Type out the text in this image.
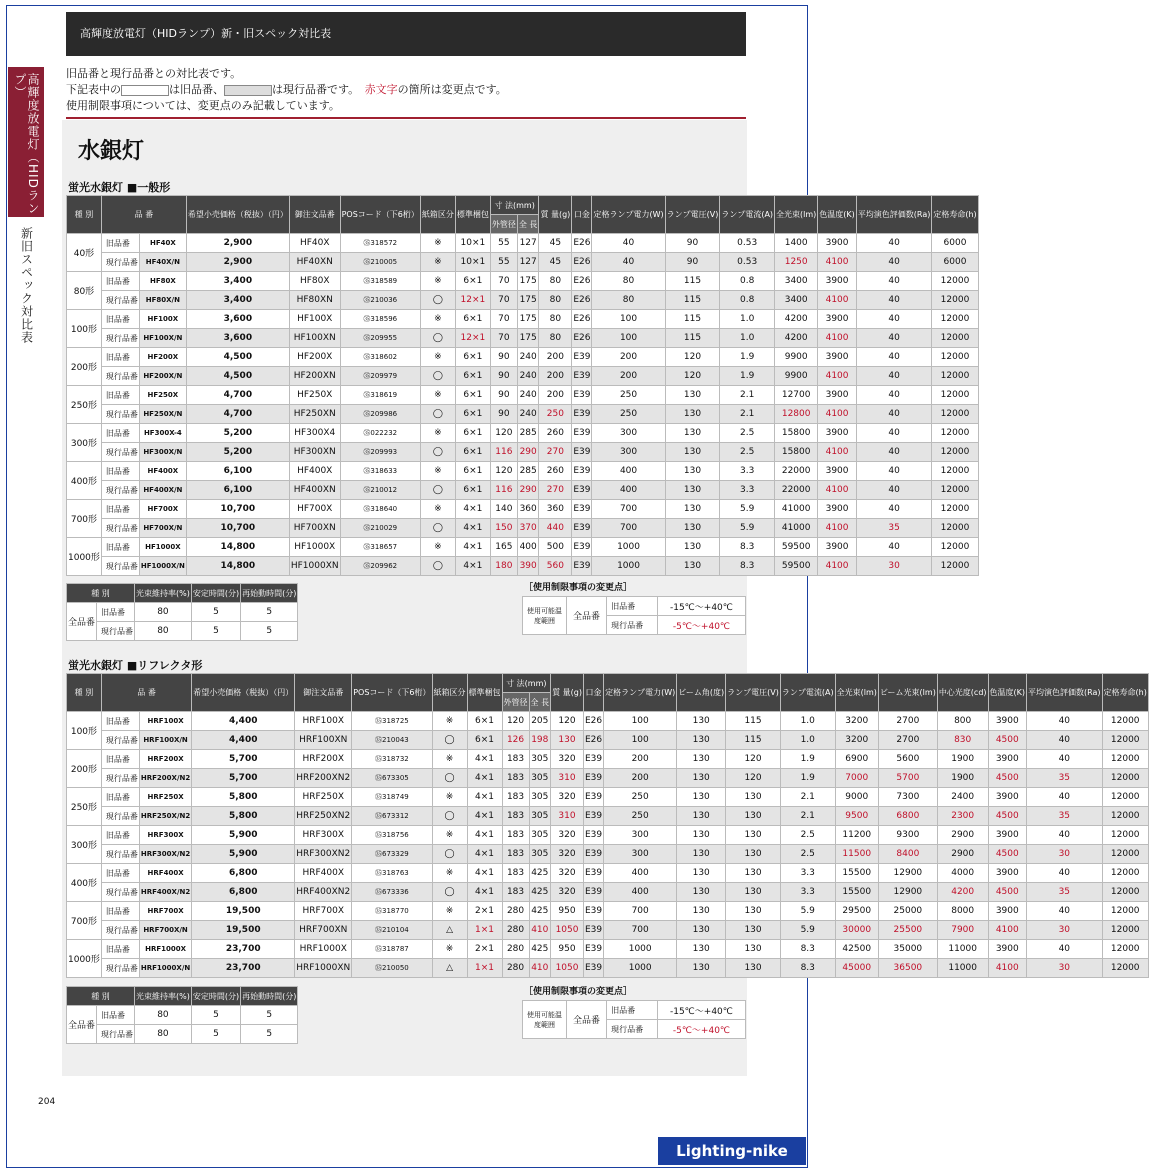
高輝度放電灯（HIDランプ）
新旧スペック対比表
高輝度放電灯（HIDランプ）新・旧スペック対比表
旧品番と現行品番との対比表です。
下記表中の	は旧品番、	は現行品番です。　 赤文字の箇所は変更点です。
使用制限事項については、変更点のみ記載しています。
水銀灯
蛍光水銀灯 ■一般形
種 別	品 番		希望小売価格（税抜）（円）	御注文品番	POSコード（下6桁）	紙箱区分	標準梱包	寸 法(mm)		質 量(g)	口金	定格ランプ電力(W)	ランプ電圧(V)	ランプ電流(A)	全光束(lm)	色温度(K)	平均演色評価数(Ra)	定格寿命(h)
								外管径	全 長									
40形	旧品番	HF40X	2,900	HF40X	㉟318572	※	10×1	55	127	45	E26	40	90	0.53	1400	3900	40	6000
	現行品番	HF40X/N	2,900	HF40XN	㉟210005	※	10×1	55	127	45	E26	40	90	0.53	1250	4100	40	6000
80形	旧品番	HF80X	3,400	HF80X	㉟318589	※	6×1	70	175	80	E26	80	115	0.8	3400	3900	40	12000
	現行品番	HF80X/N	3,400	HF80XN	㉟210036	◯	12×1	70	175	80	E26	80	115	0.8	3400	4100	40	12000
100形	旧品番	HF100X	3,600	HF100X	㉟318596	※	6×1	70	175	80	E26	100	115	1.0	4200	3900	40	12000
	現行品番	HF100X/N	3,600	HF100XN	㉟209955	◯	12×1	70	175	80	E26	100	115	1.0	4200	4100	40	12000
200形	旧品番	HF200X	4,500	HF200X	㉟318602	※	6×1	90	240	200	E39	200	120	1.9	9900	3900	40	12000
	現行品番	HF200X/N	4,500	HF200XN	㉟209979	◯	6×1	90	240	200	E39	200	120	1.9	9900	4100	40	12000
250形	旧品番	HF250X	4,700	HF250X	㉟318619	※	6×1	90	240	200	E39	250	130	2.1	12700	3900	40	12000
	現行品番	HF250X/N	4,700	HF250XN	㉟209986	◯	6×1	90	240	250	E39	250	130	2.1	12800	4100	40	12000
300形	旧品番	HF300X-4	5,200	HF300X4	㉟022232	※	6×1	120	285	260	E39	300	130	2.5	15800	3900	40	12000
	現行品番	HF300X/N	5,200	HF300XN	㉟209993	◯	6×1	116	290	270	E39	300	130	2.5	15800	4100	40	12000
400形	旧品番	HF400X	6,100	HF400X	㉟318633	※	6×1	120	285	260	E39	400	130	3.3	22000	3900	40	12000
	現行品番	HF400X/N	6,100	HF400XN	㉟210012	◯	6×1	116	290	270	E39	400	130	3.3	22000	4100	40	12000
700形	旧品番	HF700X	10,700	HF700X	㉟318640	※	4×1	140	360	360	E39	700	130	5.9	41000	3900	40	12000
	現行品番	HF700X/N	10,700	HF700XN	㉟210029	◯	4×1	150	370	440	E39	700	130	5.9	41000	4100	35	12000
1000形	旧品番	HF1000X	14,800	HF1000X	㉟318657	※	4×1	165	400	500	E39	1000	130	8.3	59500	3900	40	12000
	現行品番	HF1000X/N	14,800	HF1000XN	㉟209962	◯	4×1	180	390	560	E39	1000	130	8.3	59500	4100	30	12000
種 別		光束維持率(%)	安定時間(分)	再始動時間(分)
全品番	旧品番	80	5	5
	現行品番	80	5	5
［使用制限事項の変更点］
使用可能温度範囲	全品番	旧品番	-15℃〜+40℃
		現行品番	-5℃〜+40℃
蛍光水銀灯 ■リフレクタ形
種 別	品 番		希望小売価格（税抜）（円）	御注文品番	POSコード（下6桁）	紙箱区分	標準梱包	寸 法(mm)		質 量(g)	口金	定格ランプ電力(W)	ビーム角(度)	ランプ電圧(V)	ランプ電流(A)	全光束(lm)	ビーム光束(lm)	中心光度(cd)	色温度(K)	平均演色評価数(Ra)	定格寿命(h)
								外管径	全 長												
100形	旧品番	HRF100X	4,400	HRF100X	㉟318725	※	6×1	120	205	120	E26	100	130	115	1.0	3200	2700	800	3900	40	12000
	現行品番	HRF100X/N	4,400	HRF100XN	㉟210043	◯	6×1	126	198	130	E26	100	130	115	1.0	3200	2700	830	4500	40	12000
200形	旧品番	HRF200X	5,700	HRF200X	㉟318732	※	4×1	183	305	320	E39	200	130	120	1.9	6900	5600	1900	3900	40	12000
	現行品番	HRF200X/N2	5,700	HRF200XN2	㉟673305	◯	4×1	183	305	310	E39	200	130	120	1.9	7000	5700	1900	4500	35	12000
250形	旧品番	HRF250X	5,800	HRF250X	㉟318749	※	4×1	183	305	320	E39	250	130	130	2.1	9000	7300	2400	3900	40	12000
	現行品番	HRF250X/N2	5,800	HRF250XN2	㉟673312	◯	4×1	183	305	310	E39	250	130	130	2.1	9500	6800	2300	4500	35	12000
300形	旧品番	HRF300X	5,900	HRF300X	㉟318756	※	4×1	183	305	320	E39	300	130	130	2.5	11200	9300	2900	3900	40	12000
	現行品番	HRF300X/N2	5,900	HRF300XN2	㉟673329	◯	4×1	183	305	320	E39	300	130	130	2.5	11500	8400	2900	4500	30	12000
400形	旧品番	HRF400X	6,800	HRF400X	㉟318763	※	4×1	183	425	320	E39	400	130	130	3.3	15500	12900	4000	3900	40	12000
	現行品番	HRF400X/N2	6,800	HRF400XN2	㉟673336	◯	4×1	183	425	320	E39	400	130	130	3.3	15500	12900	4200	4500	35	12000
700形	旧品番	HRF700X	19,500	HRF700X	㉟318770	※	2×1	280	425	950	E39	700	130	130	5.9	29500	25000	8000	3900	40	12000
	現行品番	HRF700X/N	19,500	HRF700XN	㉟210104	△	1×1	280	410	1050	E39	700	130	130	5.9	30000	25500	7900	4100	30	12000
1000形	旧品番	HRF1000X	23,700	HRF1000X	㉟318787	※	2×1	280	425	950	E39	1000	130	130	8.3	42500	35000	11000	3900	40	12000
	現行品番	HRF1000X/N	23,700	HRF1000XN	㉟210050	△	1×1	280	410	1050	E39	1000	130	130	8.3	45000	36500	11000	4100	30	12000
種 別		光束維持率(%)	安定時間(分)	再始動時間(分)
全品番	旧品番	80	5	5
	現行品番	80	5	5
［使用制限事項の変更点］
使用可能温度範囲	全品番	旧品番	-15℃〜+40℃
		現行品番	-5℃〜+40℃
204
Lighting-nike
